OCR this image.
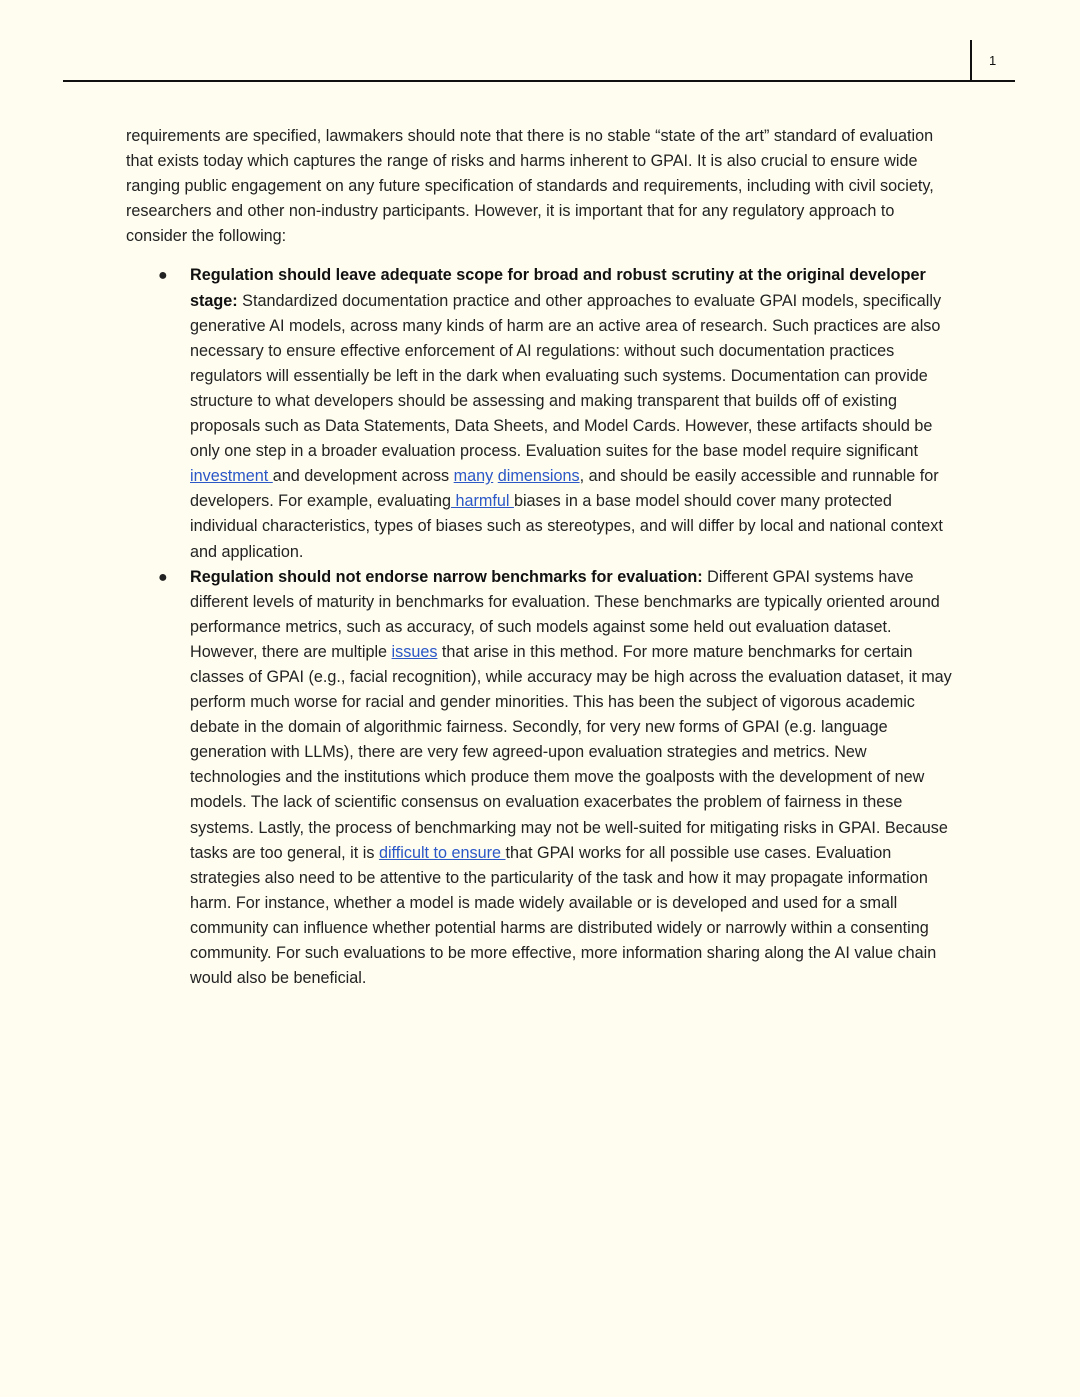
1

requirements are specified, lawmakers should note that there is no stable “state of the art” standard of evaluation that exists today which captures the range of risks and harms inherent to GPAI. It is also crucial to ensure wide ranging public engagement on any future specification of standards and requirements, including with civil society, researchers and other non-industry participants. However, it is important that for any regulatory approach to consider the following:

● Regulation should leave adequate scope for broad and robust scrutiny at the original developer stage: Standardized documentation practice and other approaches to evaluate GPAI models, specifically generative AI models, across many kinds of harm are an active area of research. Such practices are also necessary to ensure effective enforcement of AI regulations: without such documentation practices regulators will essentially be left in the dark when evaluating such systems. Documentation can provide structure to what developers should be assessing and making transparent that builds off of existing proposals such as Data Statements, Data Sheets, and Model Cards. However, these artifacts should be only one step in a broader evaluation process. Evaluation suites for the base model require significant investment and development across many dimensions, and should be easily accessible and runnable for developers. For example, evaluating harmful biases in a base model should cover many protected individual characteristics, types of biases such as stereotypes, and will differ by local and national context and application.
● Regulation should not endorse narrow benchmarks for evaluation: Different GPAI systems have different levels of maturity in benchmarks for evaluation. These benchmarks are typically oriented around performance metrics, such as accuracy, of such models against some held out evaluation dataset. However, there are multiple issues that arise in this method. For more mature benchmarks for certain classes of GPAI (e.g., facial recognition), while accuracy may be high across the evaluation dataset, it may perform much worse for racial and gender minorities. This has been the subject of vigorous academic debate in the domain of algorithmic fairness. Secondly, for very new forms of GPAI (e.g. language generation with LLMs), there are very few agreed-upon evaluation strategies and metrics. New technologies and the institutions which produce them move the goalposts with the development of new models. The lack of scientific consensus on evaluation exacerbates the problem of fairness in these systems. Lastly, the process of benchmarking may not be well-suited for mitigating risks in GPAI. Because tasks are too general, it is difficult to ensure that GPAI works for all possible use cases. Evaluation strategies also need to be attentive to the particularity of the task and how it may propagate information harm. For instance, whether a model is made widely available or is developed and used for a small community can influence whether potential harms are distributed widely or narrowly within a consenting community. For such evaluations to be more effective, more information sharing along the AI value chain would also be beneficial.
